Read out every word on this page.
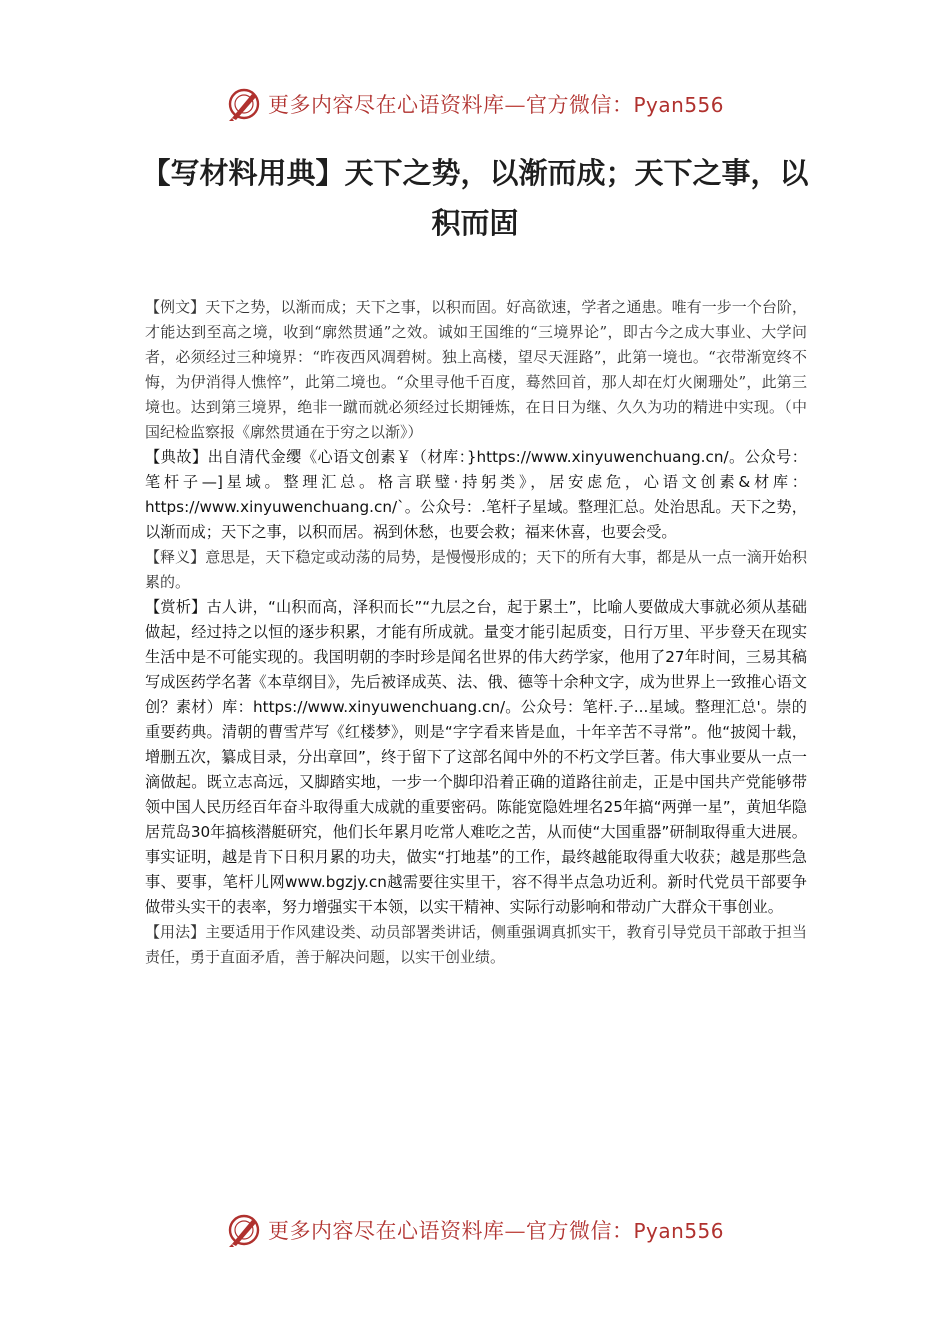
更多内容尽在心语资料库—官方微信：Pyan556
【写材料用典】天下之势，以渐而成；天下之事，以
积而固

【例文】天下之势，以渐而成；天下之事，以积而固。好高欲速，学者之通患。唯有一步一个台阶，才能达到至高之境，收到“廓然贯通”之效。诚如王国维的“三境界论”，即古今之成大事业、大学问者，必须经过三种境界：“昨夜西风凋碧树。独上高楼，望尽天涯路”，此第一境也。“衣带渐宽终不悔，为伊消得人憔悴”，此第二境也。“众里寻他千百度，蓦然回首，那人却在灯火阑珊处”，此第三境也。达到第三境界，绝非一蹴而就必须经过长期锤炼，在日日为继、久久为功的精进中实现。（中国纪检监察报《廓然贯通在于穷之以渐》）

【典故】出自清代金缨《心语文创素￥（材库：}https://www.xinyuwenchuang.cn/。公众号：笔杆子—]星域。整理汇总。格言联璧·持躬类》，居安虑危，心语文创素&材库：https://www.xinyuwenchuang.cn/`。公众号：.笔杆子星域。整理汇总。处治思乱。天下之势，以渐而成；天下之事，以积而居。祸到休愁，也要会救；福来休喜，也要会受。

【释义】意思是，天下稳定或动荡的局势，是慢慢形成的；天下的所有大事，都是从一点一滴开始积累的。

【赏析】古人讲，“山积而高，泽积而长”“九层之台，起于累土”，比喻人要做成大事就必须从基础做起，经过持之以恒的逐步积累，才能有所成就。量变才能引起质变，日行万里、平步登天在现实生活中是不可能实现的。我国明朝的李时珍是闻名世界的伟大药学家，他用了27年时间，三易其稿写成医药学名著《本草纲目》，先后被译成英、法、俄、德等十余种文字，成为世界上一致推心语文创？素材）库：https://www.xinyuwenchuang.cn/。公众号：笔杆.子...星域。整理汇总'。崇的重要药典。清朝的曹雪芹写《红楼梦》，则是“字字看来皆是血，十年辛苦不寻常”。他“披阅十载，增删五次，纂成目录，分出章回”，终于留下了这部名闻中外的不朽文学巨著。伟大事业要从一点一滴做起。既立志高远，又脚踏实地，一步一个脚印沿着正确的道路往前走，正是中国共产党能够带领中国人民历经百年奋斗取得重大成就的重要密码。陈能宽隐姓埋名25年搞“两弹一星”，黄旭华隐居荒岛30年搞核潜艇研究，他们长年累月吃常人难吃之苦，从而使“大国重器”研制取得重大进展。事实证明，越是肯下日积月累的功夫，做实“打地基”的工作，最终越能取得重大收获；越是那些急事、要事，笔杆儿网www.bgzjy.cn越需要往实里干，容不得半点急功近利。新时代党员干部要争做带头实干的表率，努力增强实干本领，以实干精神、实际行动影响和带动广大群众干事创业。

【用法】主要适用于作风建设类、动员部署类讲话，侧重强调真抓实干，教育引导党员干部敢于担当责任，勇于直面矛盾，善于解决问题，以实干创业绩。

更多内容尽在心语资料库—官方微信：Pyan556
